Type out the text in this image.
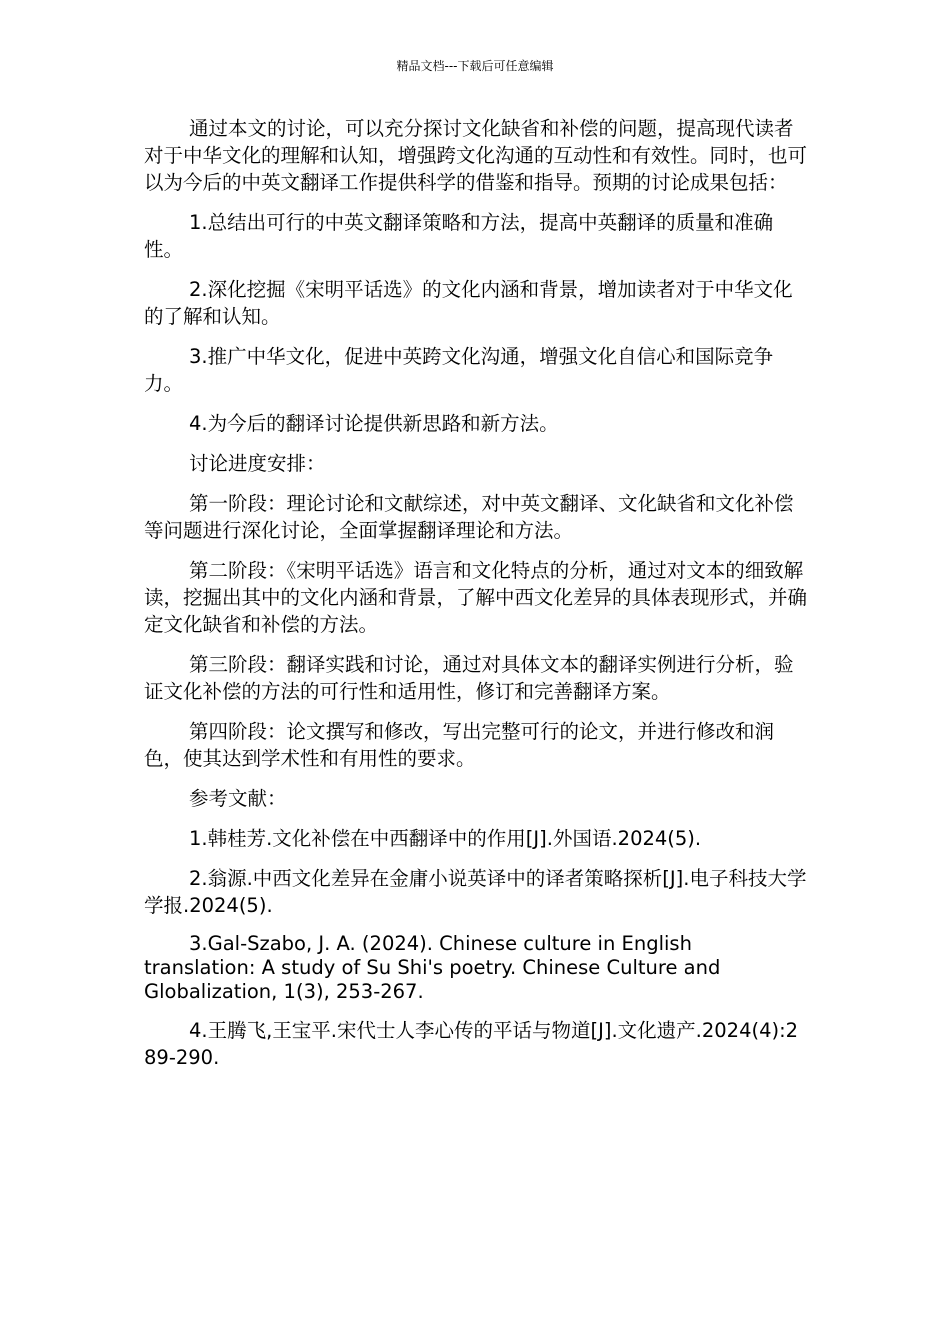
精品文档---下载后可任意编辑

通过本文的讨论，可以充分探讨文化缺省和补偿的问题，提高现代读者对于中华文化的理解和认知，增强跨文化沟通的互动性和有效性。同时，也可以为今后的中英文翻译工作提供科学的借鉴和指导。预期的讨论成果包括：

1.总结出可行的中英文翻译策略和方法，提高中英翻译的质量和准确性。

2.深化挖掘《宋明平话选》的文化内涵和背景，增加读者对于中华文化的了解和认知。

3.推广中华文化，促进中英跨文化沟通，增强文化自信心和国际竞争力。

4.为今后的翻译讨论提供新思路和新方法。

讨论进度安排：

第一阶段：理论讨论和文献综述，对中英文翻译、文化缺省和文化补偿等问题进行深化讨论，全面掌握翻译理论和方法。

第二阶段：《宋明平话选》语言和文化特点的分析，通过对文本的细致解读，挖掘出其中的文化内涵和背景，了解中西文化差异的具体表现形式，并确定文化缺省和补偿的方法。

第三阶段：翻译实践和讨论，通过对具体文本的翻译实例进行分析，验证文化补偿的方法的可行性和适用性，修订和完善翻译方案。

第四阶段：论文撰写和修改，写出完整可行的论文，并进行修改和润色，使其达到学术性和有用性的要求。

参考文献：

1.韩桂芳.文化补偿在中西翻译中的作用[J].外国语.2024(5).

2.翁源.中西文化差异在金庸小说英译中的译者策略探析[J].电子科技大学学报.2024(5).

3.Gal-Szabo, J. A. (2024). Chinese culture in English translation: A study of Su Shi's poetry. Chinese Culture and Globalization, 1(3), 253-267.

4.王腾飞,王宝平.宋代士人李心传的平话与物道[J].文化遗产.2024(4):289-290.
